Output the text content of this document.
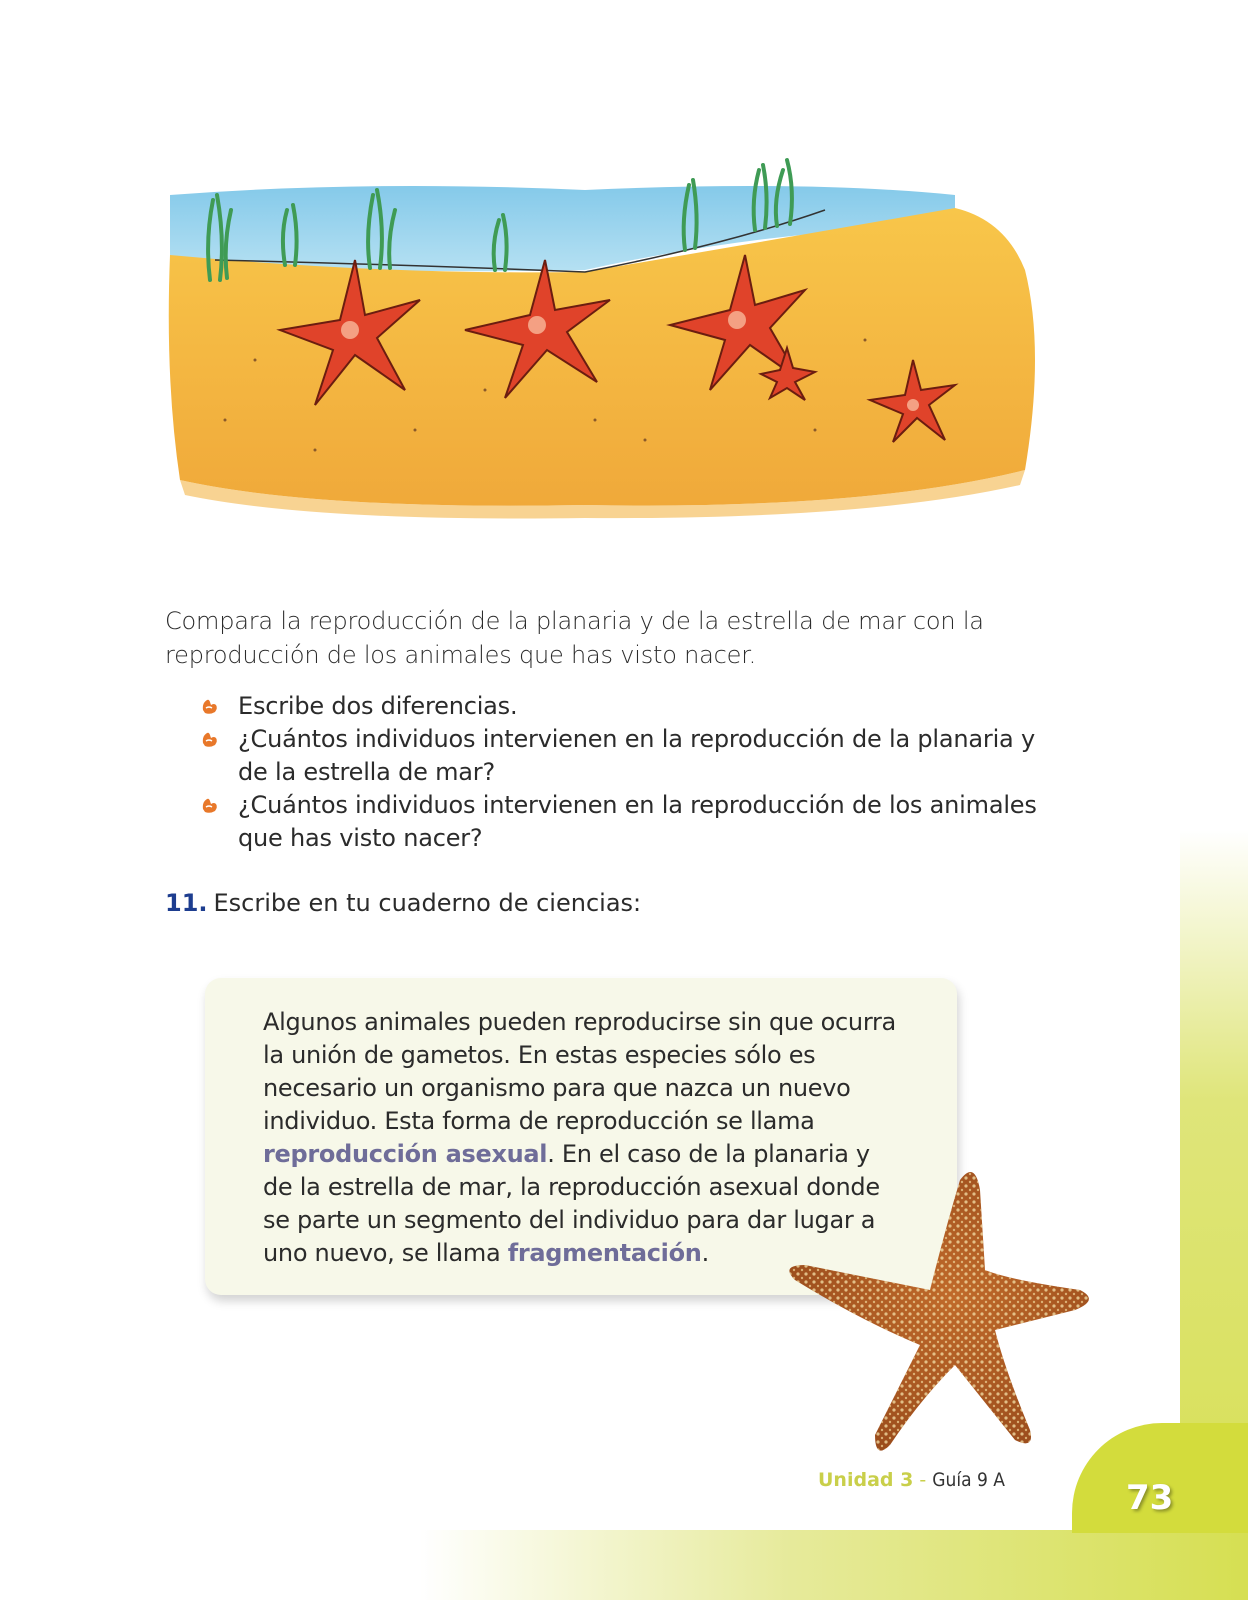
Compara la reproducción de la planaria y de la estrella de mar con la reproducción de los animales que has visto nacer.

Escribe dos diferencias.
¿Cuántos individuos intervienen en la reproducción de la planaria y de la estrella de mar?
¿Cuántos individuos intervienen en la reproducción de los animales que has visto nacer?
11. Escribe en tu cuaderno de ciencias:

Algunos animales pueden reproducirse sin que ocurra la unión de gametos. En estas especies sólo es necesario un organismo para que nazca un nuevo individuo. Esta forma de reproducción se llama reproducción asexual. En el caso de la planaria y de la estrella de mar, la reproducción asexual donde se parte un segmento del individuo para dar lugar a uno nuevo, se llama fragmentación.

73
Unidad 3 - Guía 9 A
